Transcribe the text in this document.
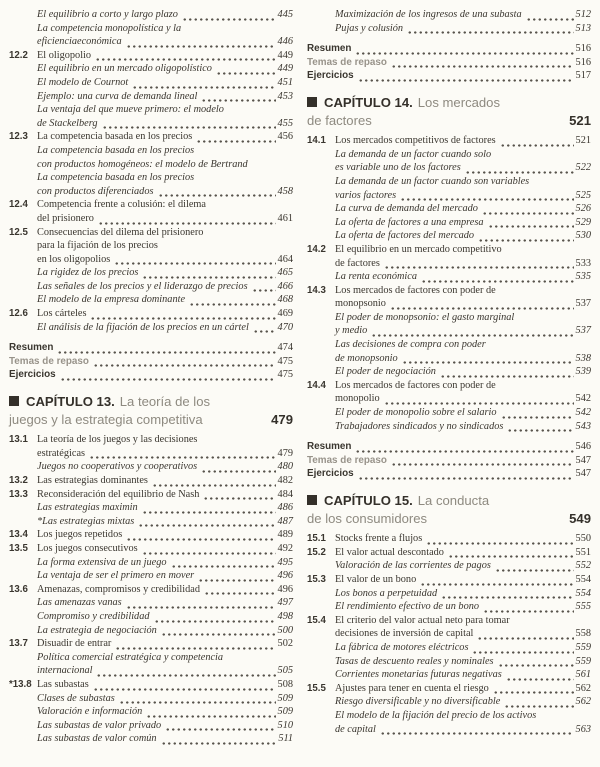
El equilibrio a corto y largo plazo	445
La competencia monopolística y la
eficienciaeconómica	446
12.2 El oligopolio	449
El equilibrio en un mercado oligopolístico	449
El modelo de Cournot	451
Ejemplo: una curva de demanda lineal	453
La ventaja del que mueve primero: el modelo
de Stackelberg	455
12.3 La competencia basada en los precios	456
La competencia basada en los precios
con productos homogéneos: el modelo de Bertrand
La competencia basada en los precios
con productos diferenciados	458
12.4 Competencia frente a colusión: el dilema
del prisionero	461
12.5 Consecuencias del dilema del prisionero
para la fijación de los precios
en los oligopolios	464
La rigidez de los precios	465
Las señales de los precios y el liderazgo de precios	466
El modelo de la empresa dominante	468
12.6 Los cárteles	469
El análisis de la fijación de los precios en un cártel	470
Resumen	474
Temas de repaso	475
Ejercicios	475
CAPÍTULO 13. La teoría de los
juegos y la estrategia competitiva	479
13.1 La teoría de los juegos y las decisiones
estratégicas	479
Juegos no cooperativos y cooperativos	480
13.2 Las estrategias dominantes	482
13.3 Reconsideración del equilibrio de Nash	484
Las estrategias maximin	486
*Las estrategias mixtas	487
13.4 Los juegos repetidos	489
13.5 Los juegos consecutivos	492
La forma extensiva de un juego	495
La ventaja de ser el primero en mover	496
13.6 Amenazas, compromisos y credibilidad	496
Las amenazas vanas	497
Compromiso y credibilidad	498
La estrategia de negociación	500
13.7 Disuadir de entrar	502
Política comercial estratégica y competencia
internacional	505
*13.8 Las subastas	508
Clases de subastas	509
Valoración e información	509
Las subastas de valor privado	510
Las subastas de valor común	511
Maximización de los ingresos de una subasta	512
Pujas y colusión	513
Resumen	516
Temas de repaso	516
Ejercicios	517
CAPÍTULO 14. Los mercados
de factores	521
14.1 Los mercados competitivos de factores	521
La demanda de un factor cuando solo
es variable uno de los factores	522
La demanda de un factor cuando son variables
varios factores	525
La curva de demanda del mercado	526
La oferta de factores a una empresa	529
La oferta de factores del mercado	530
14.2 El equilibrio en un mercado competitivo
de factores	533
La renta económica	535
14.3 Los mercados de factores con poder de
monopsonio	537
El poder de monopsonio: el gasto marginal
y medio	537
Las decisiones de compra con poder
de monopsonio	538
El poder de negociación	539
14.4 Los mercados de factores con poder de
monopolio	542
El poder de monopolio sobre el salario	542
Trabajadores sindicados y no sindicados	543
Resumen	546
Temas de repaso	547
Ejercicios	547
CAPÍTULO 15. La conducta
de los consumidores	549
15.1 Stocks frente a flujos	550
15.2 El valor actual descontado	551
Valoración de las corrientes de pagos	552
15.3 El valor de un bono	554
Los bonos a perpetuidad	554
El rendimiento efectivo de un bono	555
15.4 El criterio del valor actual neto para tomar
decisiones de inversión de capital	558
La fábrica de motores eléctricos	559
Tasas de descuento reales y nominales	559
Corrientes monetarias futuras negativas	561
15.5 Ajustes para tener en cuenta el riesgo	562
Riesgo diversificable y no diversificable	562
El modelo de la fijación del precio de los activos
de capital	563
